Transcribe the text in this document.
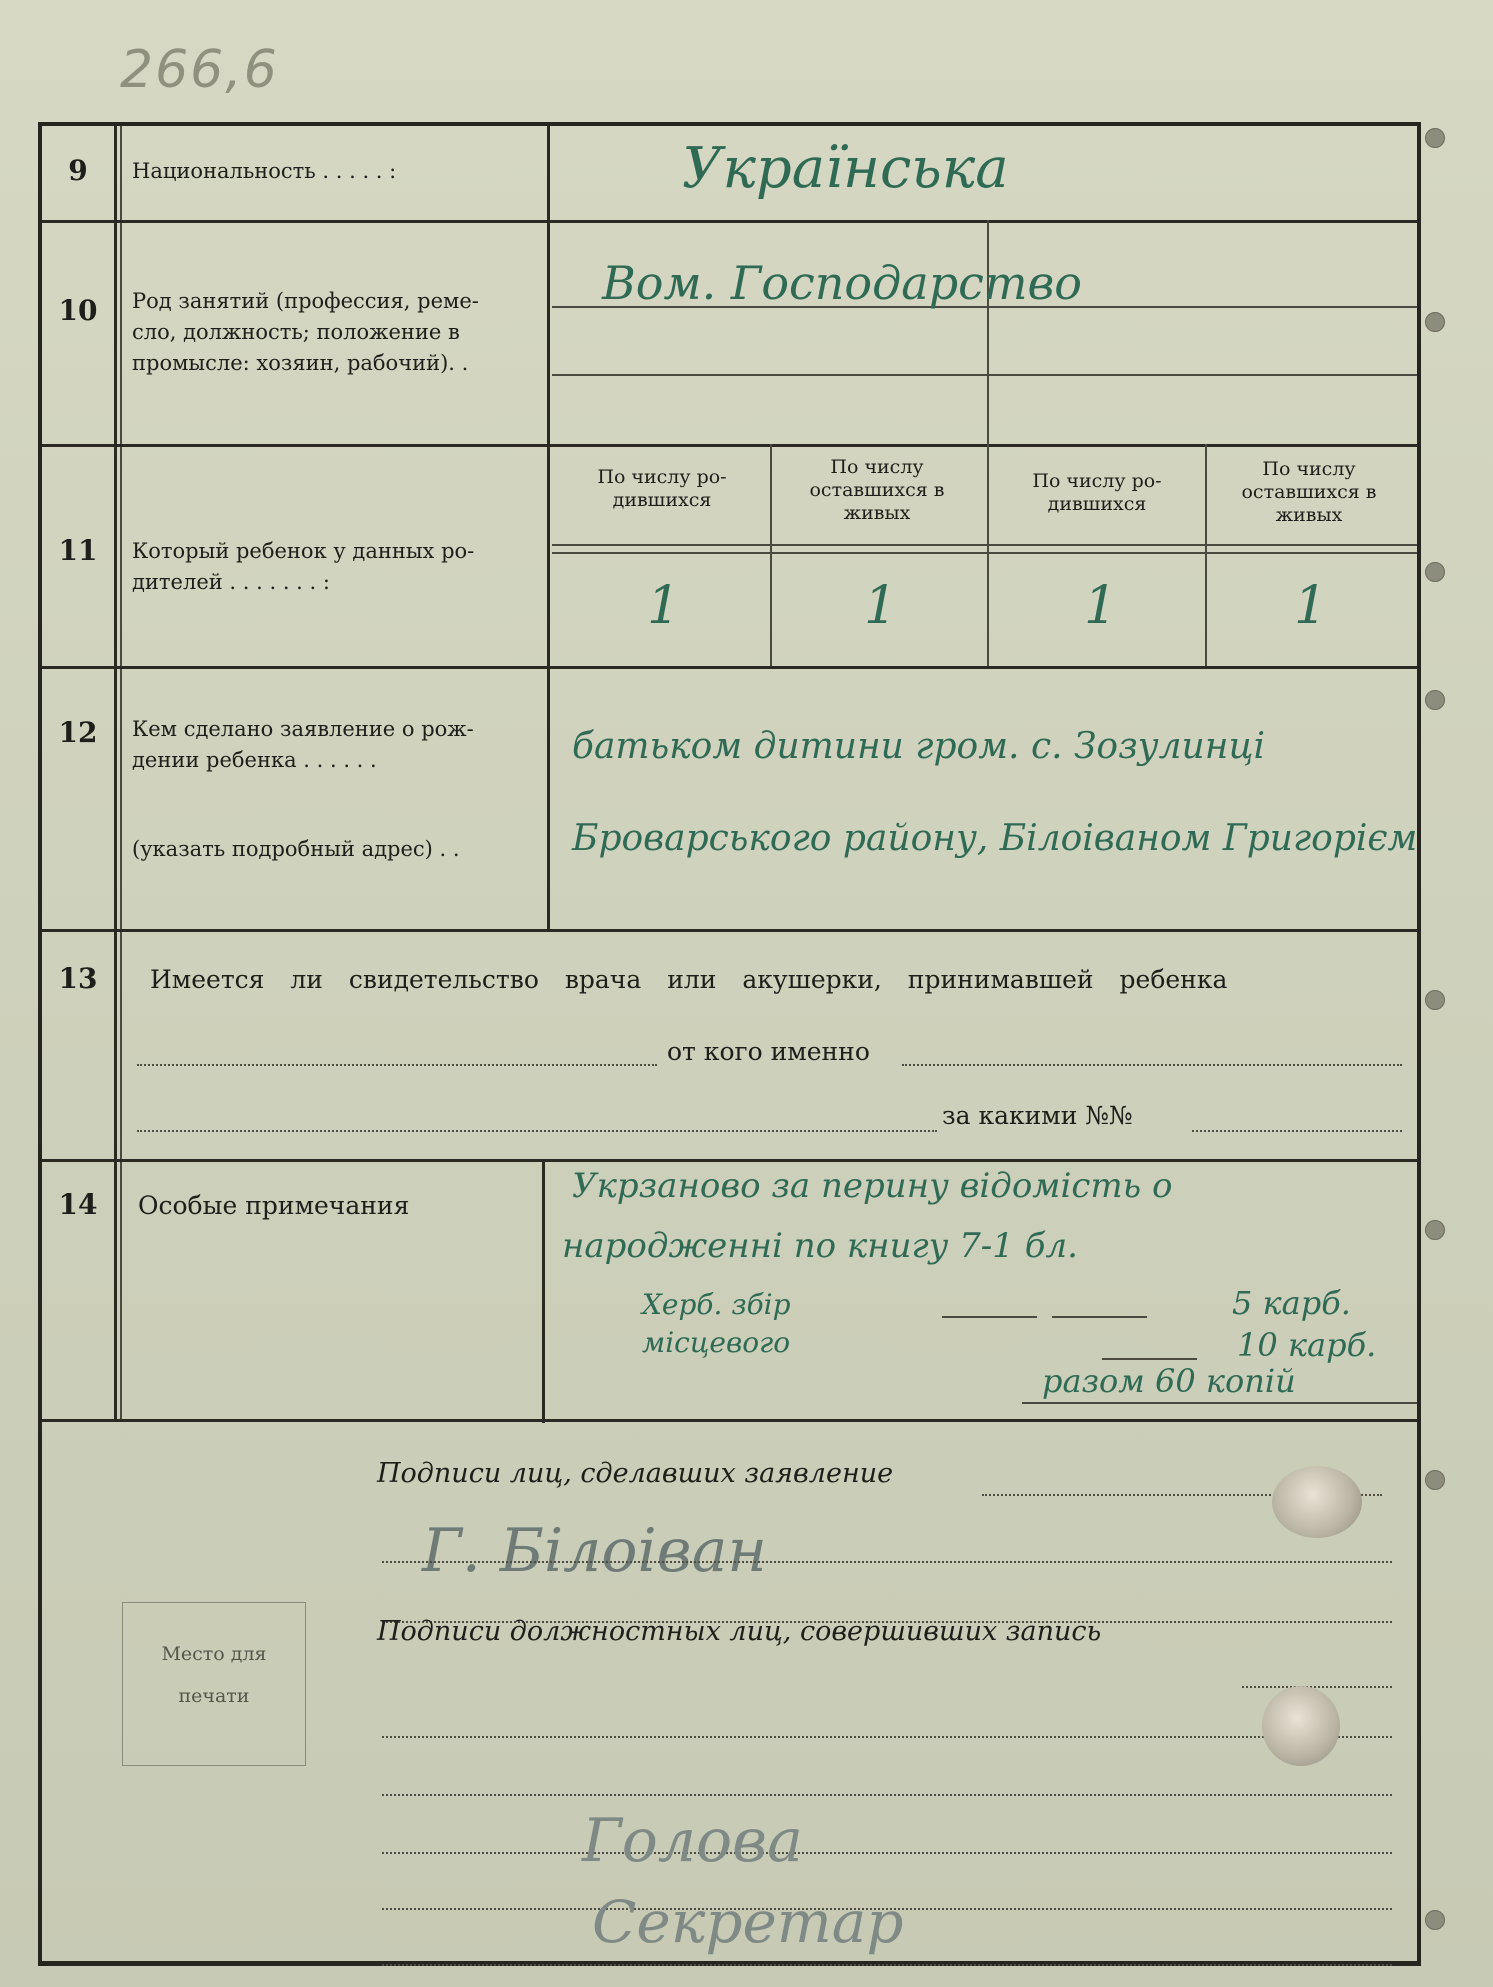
266,6
9	Национальность . . . . . :	Українська
10	Род занятий (профессия, реме-
сло, должность; положение в
промысле: хозяин, рабочий). .
Вом. Господарство
11	Который ребенок у данных ро-
дителей . . . . . . . :
По числу ро- дившихся
По числу оставшихся в живых
По числу ро- дившихся
По числу оставшихся в живых
1	1	1	1
12	Кем сделано заявление о рож-
дении ребенка . . . . . .
(указать подробный адрес) . .
батьком дитини гром. с. Зозулинці
Броварського району, Білоіваном Григорієм
13	Имеется ли свидетельство врача или акушерки, принимавшей ребенка
от кого именно
за какими №№
14	Особые примечания	Укрзаново за перину відомість о
народженні по книгу 7-1 бл.
Херб. збір	5 карб.
місцевого	10 карб.
разом 60 копій
Подписи лиц, сделавших заявление
Г. Білоіван
Подписи должностных лиц, совершивших запись
Голова
Секретар
Место для
печати
